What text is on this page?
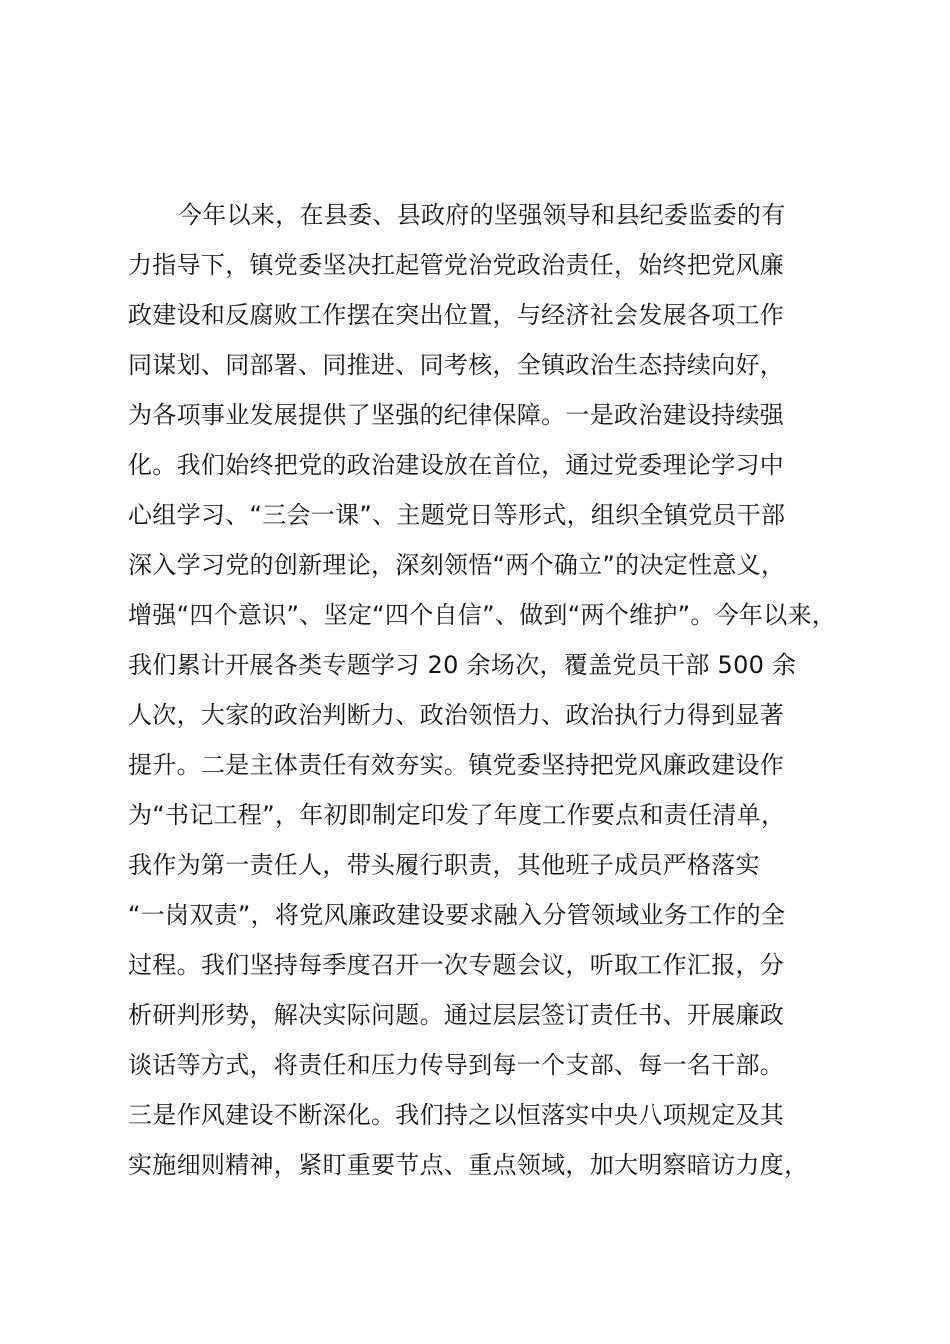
今年以来，在县委、县政府的坚强领导和县纪委监委的有
力指导下，镇党委坚决扛起管党治党政治责任，始终把党风廉
政建设和反腐败工作摆在突出位置，与经济社会发展各项工作
同谋划、同部署、同推进、同考核，全镇政治生态持续向好，
为各项事业发展提供了坚强的纪律保障。一是政治建设持续强
化。我们始终把党的政治建设放在首位，通过党委理论学习中
心组学习、“三会一课”、主题党日等形式，组织全镇党员干部
深入学习党的创新理论，深刻领悟“两个确立”的决定性意义，
增强“四个意识”、坚定“四个自信”、做到“两个维护”。今年以来，
我们累计开展各类专题学习 20 余场次，覆盖党员干部 500 余
人次，大家的政治判断力、政治领悟力、政治执行力得到显著
提升。二是主体责任有效夯实。镇党委坚持把党风廉政建设作
为“书记工程”，年初即制定印发了年度工作要点和责任清单，
我作为第一责任人，带头履行职责，其他班子成员严格落实
“一岗双责”，将党风廉政建设要求融入分管领域业务工作的全
过程。我们坚持每季度召开一次专题会议，听取工作汇报，分
析研判形势，解决实际问题。通过层层签订责任书、开展廉政
谈话等方式，将责任和压力传导到每一个支部、每一名干部。
三是作风建设不断深化。我们持之以恒落实中央八项规定及其
实施细则精神，紧盯重要节点、重点领域，加大明察暗访力度，
